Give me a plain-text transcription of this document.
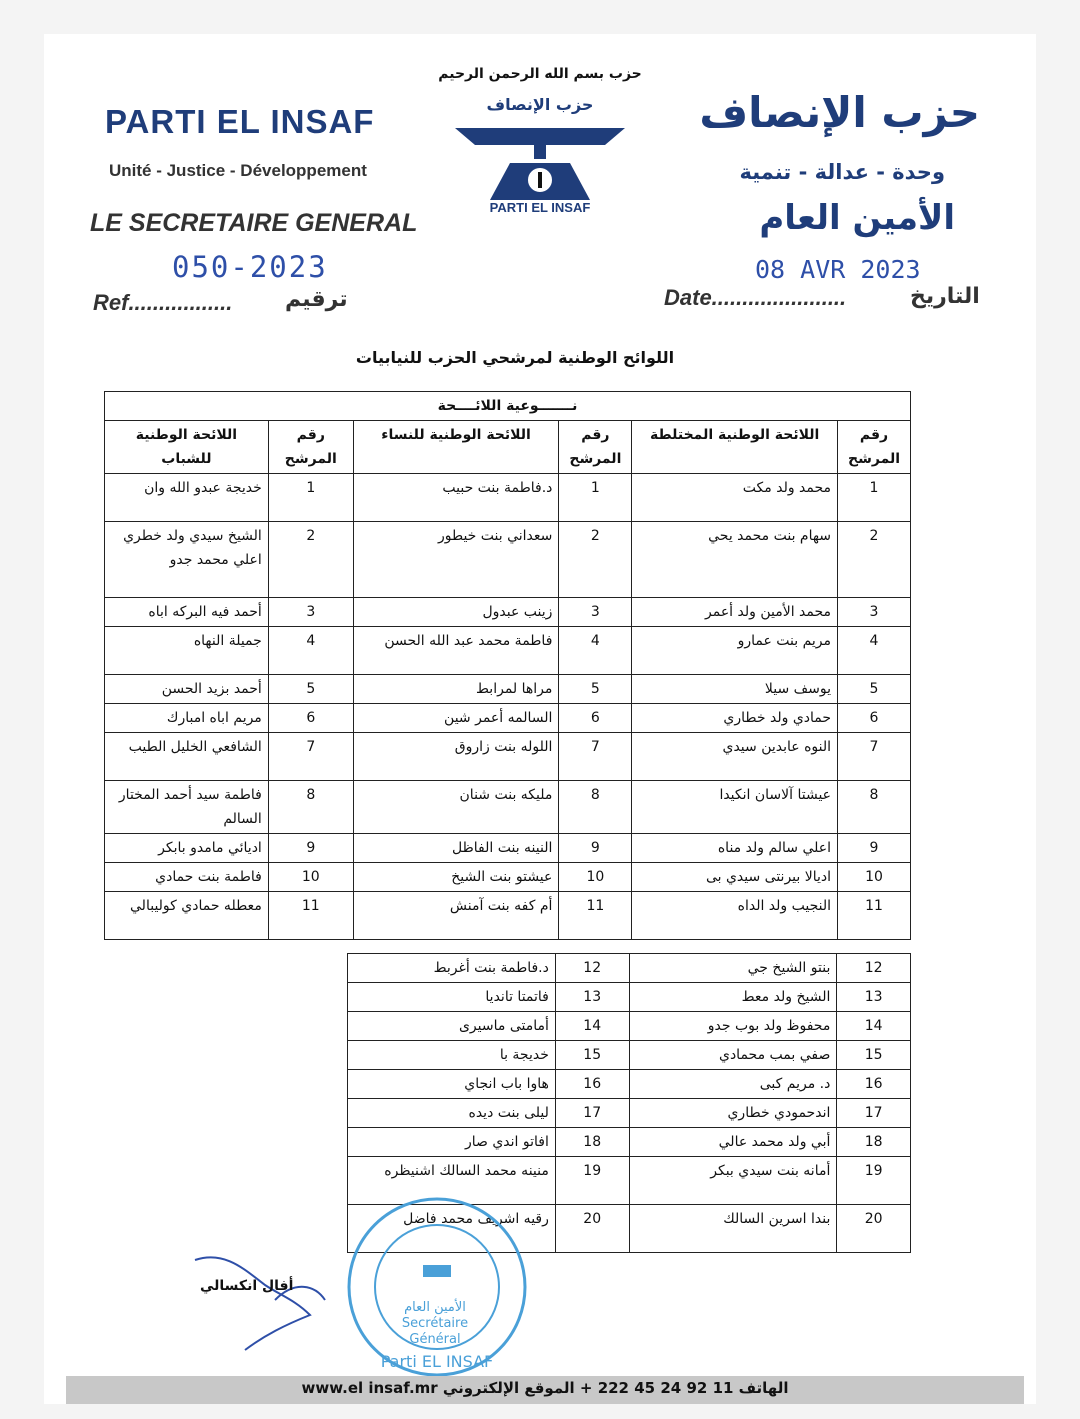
حزب بسم الله الرحمن الرحيم
PARTI EL INSAF
Unité - Justice - Développement
LE SECRETAIRE GENERAL
حزب الإنصاف
وحدة - عدالة - تنمية
الأمين العام
حزب الإنصاف
PARTI EL INSAF
050-2023
Ref................. ترقيم
08 AVR 2023
Date......................	التاريخ
اللوائح الوطنية لمرشحي الحزب للنيابيات
نـــــــوعية اللائــــحة					
رقم المرشح	اللائحة الوطنية المختلطة	رقم المرشح	اللائحة الوطنية للنساء	رقم المرشح	اللائحة الوطنية للشباب
1	محمد ولد مكت	1	د.فاطمة بنت حبيب	1	خديجة عبدو الله وان
2	سهام بنت محمد يحي	2	سعداني بنت خيطور	2	الشيخ سيدي ولد خطري اعلي محمد جدو
3	محمد الأمين ولد أعمر	3	زينب عبدول	3	أحمد فيه البركه اباه
4	مريم بنت عمارو	4	فاطمة محمد عبد الله الحسن	4	جميلة النهاه
5	يوسف سيلا	5	مراها لمرابط	5	أحمد بزيد الحسن
6	حمادي ولد خطاري	6	السالمه أعمر شين	6	مريم اباه امبارك
7	النوه عابدين سيدي	7	اللوله بنت زاروق	7	الشافعي الخليل الطيب
8	عيشتا آلاسان انكيدا	8	مليكه بنت شنان	8	فاطمة سيد أحمد المختار السالم
9	اعلي سالم ولد مناه	9	النينه بنت الفاظل	9	اديائي مامدو بابكر
10	ادیالا بیرنتی سیدي بی	10	عيشتو بنت الشيخ	10	فاطمة بنت حمادي
11	النجيب ولد الداه	11	أم كفه بنت آمنش	11	معطله حمادي كوليبالي
12	بنتو الشيخ جي	12	د.فاطمة بنت أغربط
13	الشيخ ولد معط	13	فاتمتا تانديا
14	محفوظ ولد بوب جدو	14	أمامتی ماسیری
15	صفي بمب محمادي	15	خديجة با
16	د. مريم كبى	16	هاوا باب انجاي
17	اندحمودي خطاري	17	ليلى بنت ديده
18	أبي ولد محمد عالي	18	افاتو اندي صار
19	أمانه بنت سيدي ببكر	19	منينه محمد السالك اشنيظره
20	بندا اسرين السالك	20	رقيه اشريف محمد فاضل
أفال انكسالي
Parti EL INSAF
الأمين العام
Secrétaire
Général
الهاتف 11 92 24 45 222 + الموقع الإلكتروني www.el insaf.mr
